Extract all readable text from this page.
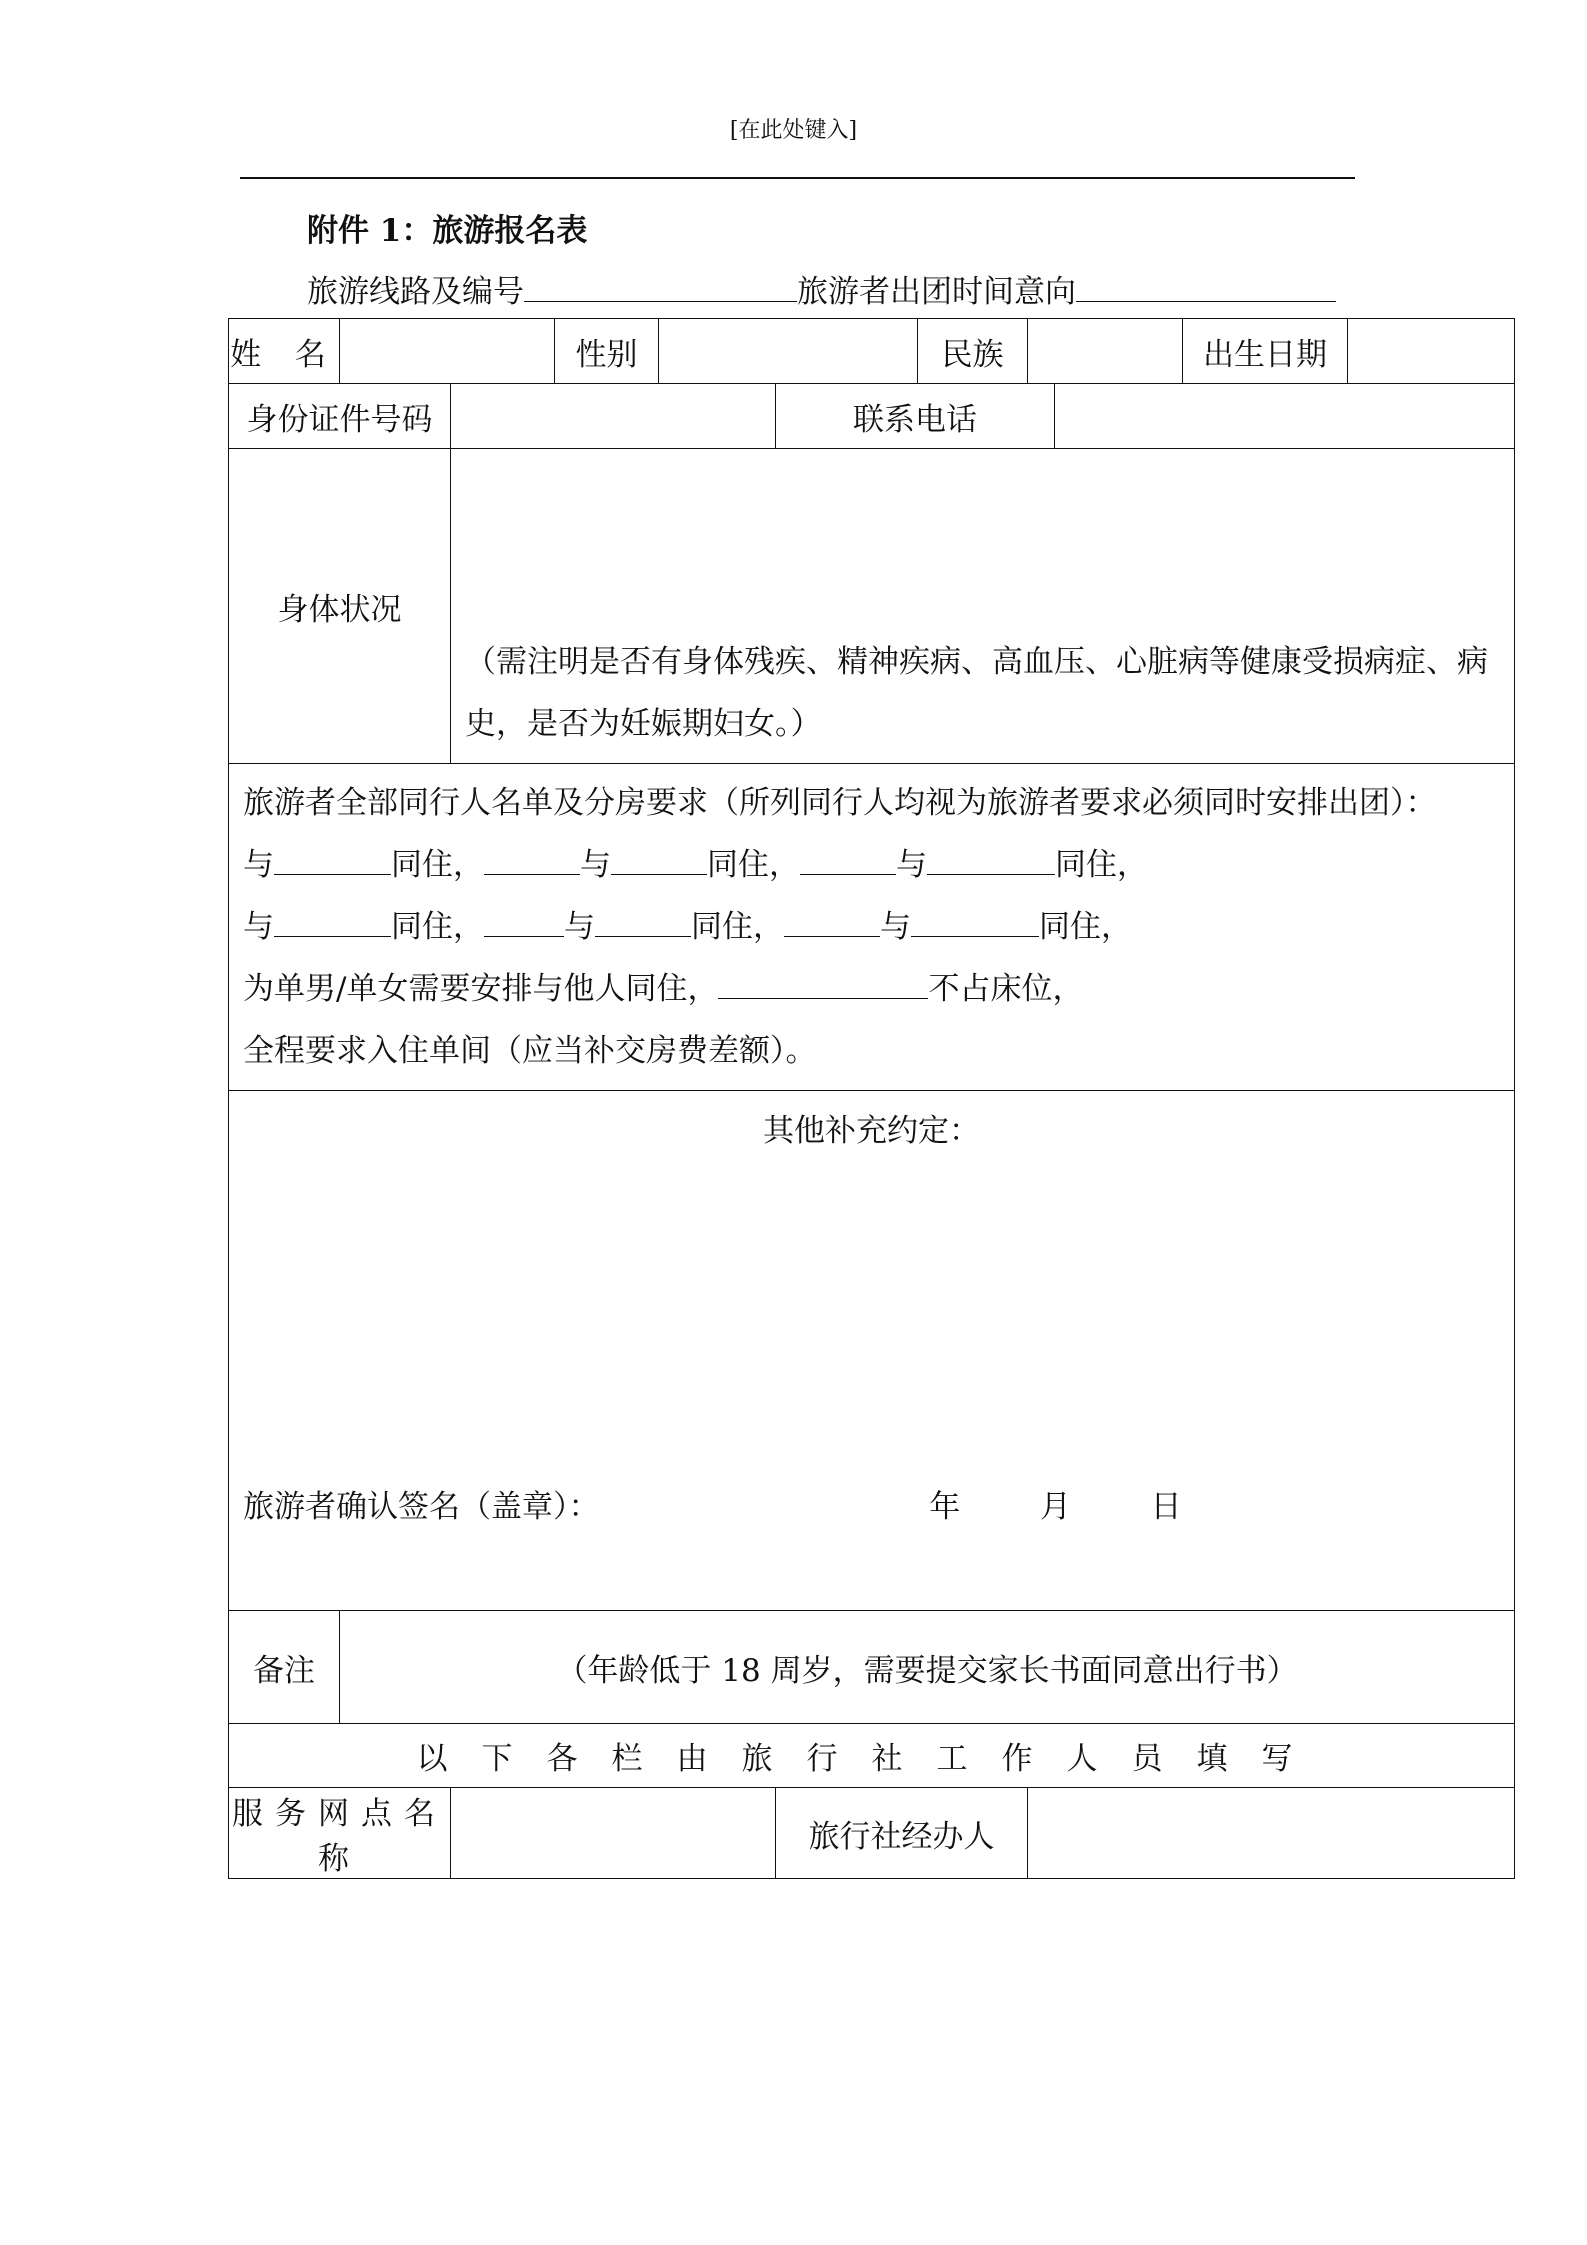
[在此处键入]
附件 1：旅游报名表
旅游线路及编号	旅游者出团时间意向
姓 名			性别			民族			出生日期	
身份证件号码					联系电话					
身体状况		（需注明是否有身体残疾、精神疾病、高血压、心脏病等健康受损病症、病史，是否为妊娠期妇女。）								

旅游者全部同行人名单及分房要求（所列同行人均视为旅游者要求必须同时安排出团）：
与 同住， 与 同住， 与 同住，
与 同住， 与 同住， 与 同住，
为单男/单女需要安排与他人同住， 不占床位，
全程要求入住单间（应当补交房费差额）。										

其他补充约定：
旅游者确认签名（盖章）： 年 月 日										

备注	（年龄低于 18 周岁，需要提交家长书面同意出行书）									
以下各栏由旅行社工作人员填写										
服务网点名称					旅行社经办人					
